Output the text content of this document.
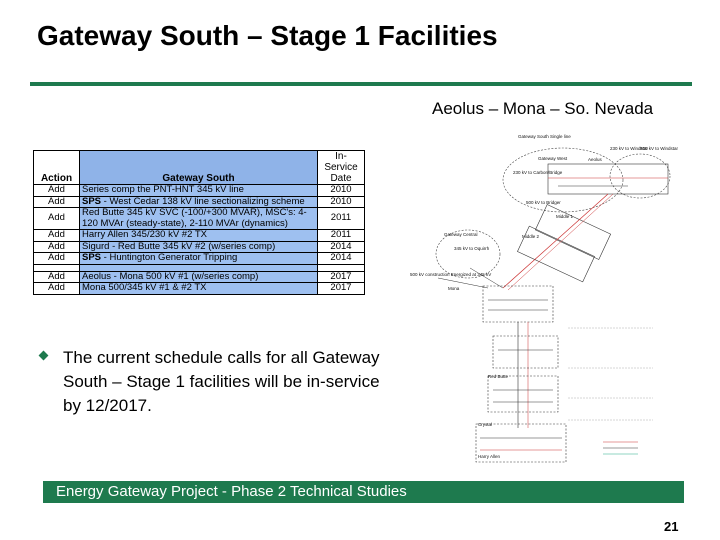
Gateway South – Stage 1 Facilities
Aeolus – Mona – So. Nevada
Action	Gateway South	In-Service Date
Add	Series comp the PNT-HNT 345 kV line	2010
Add	SPS - West Cedar 138 kV line sectionalizing scheme	2010
Add	Red Butte 345 kV SVC (-100/+300 MVAR), MSC's: 4-120 MVAr (steady-state), 2-110 MVAr (dynamics)	2011
Add	Harry Allen 345/230 kV #2 TX	2011
Add	Sigurd - Red Butte 345 kV #2 (w/series comp)	2014
Add	SPS - Huntington Generator Tripping	2014

Add	Aeolus - Mona 500 kV #1 (w/series comp)	2017
Add	Mona 500/345 kV #1 & #2 TX	2017
The current schedule calls for all Gateway South – Stage 1 facilities will be in-service by 12/2017.
Gateway South Single line
230 kV to Windstar
500 kV to Windstar
Gateway West	Aeolus
230 kV to Carbon/Bridge
500 kV to Bridger
Gateway Central
345 kV to Oquirrh
Middle 2
Middle 1
500 kV construction Energized at 345 kV
Mona
Red Butte
Crystal
Harry Allen
Energy Gateway Project - Phase 2 Technical Studies
21
